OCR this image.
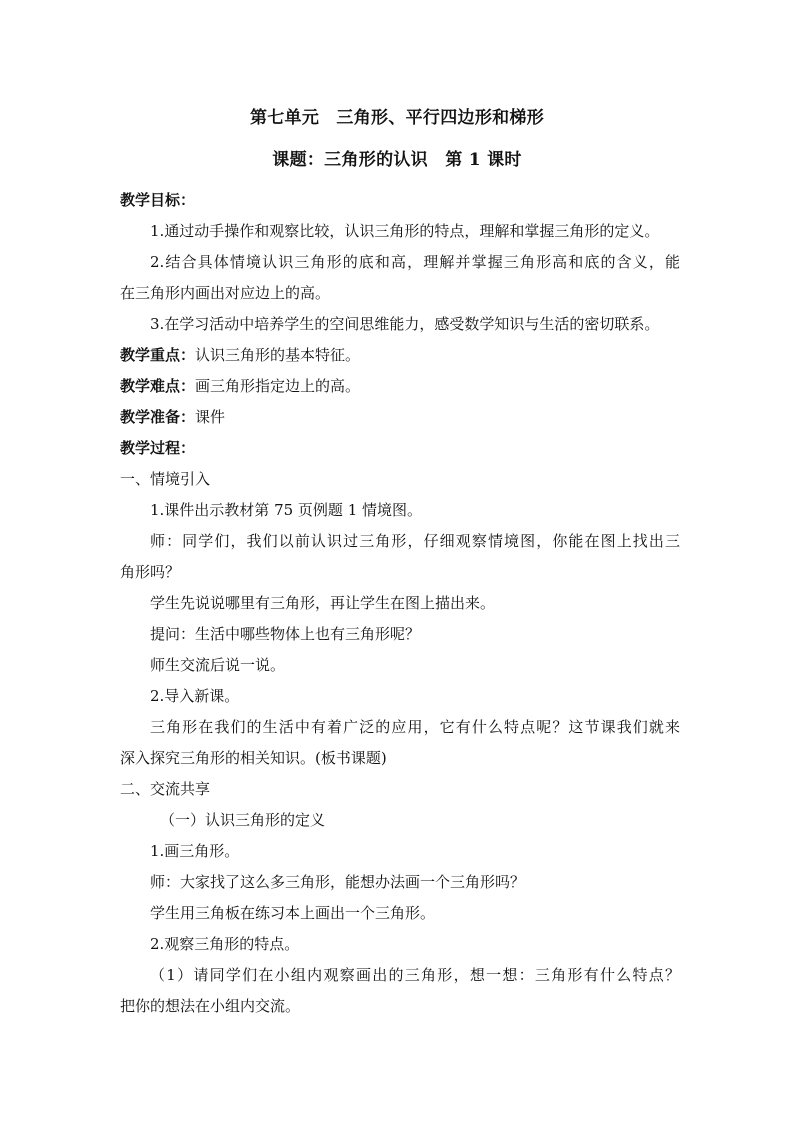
第七单元　三角形、平行四边形和梯形
课题：三角形的认识　第 1 课时
教学目标：
1.通过动手操作和观察比较，认识三角形的特点，理解和掌握三角形的定义。
2.结合具体情境认识三角形的底和高，理解并掌握三角形高和底的含义，能
在三角形内画出对应边上的高。
3.在学习活动中培养学生的空间思维能力，感受数学知识与生活的密切联系。
教学重点：认识三角形的基本特征。
教学难点：画三角形指定边上的高。
教学准备：课件
教学过程：
一、情境引入
1.课件出示教材第 75 页例题 1 情境图。
师：同学们，我们以前认识过三角形，仔细观察情境图，你能在图上找出三
角形吗？
学生先说说哪里有三角形，再让学生在图上描出来。
提问：生活中哪些物体上也有三角形呢？
师生交流后说一说。
2.导入新课。
三角形在我们的生活中有着广泛的应用，它有什么特点呢？这节课我们就来
深入探究三角形的相关知识。(板书课题)
二、交流共享
（一）认识三角形的定义
1.画三角形。
师：大家找了这么多三角形，能想办法画一个三角形吗？
学生用三角板在练习本上画出一个三角形。
2.观察三角形的特点。
（1）请同学们在小组内观察画出的三角形，想一想：三角形有什么特点？
把你的想法在小组内交流。
